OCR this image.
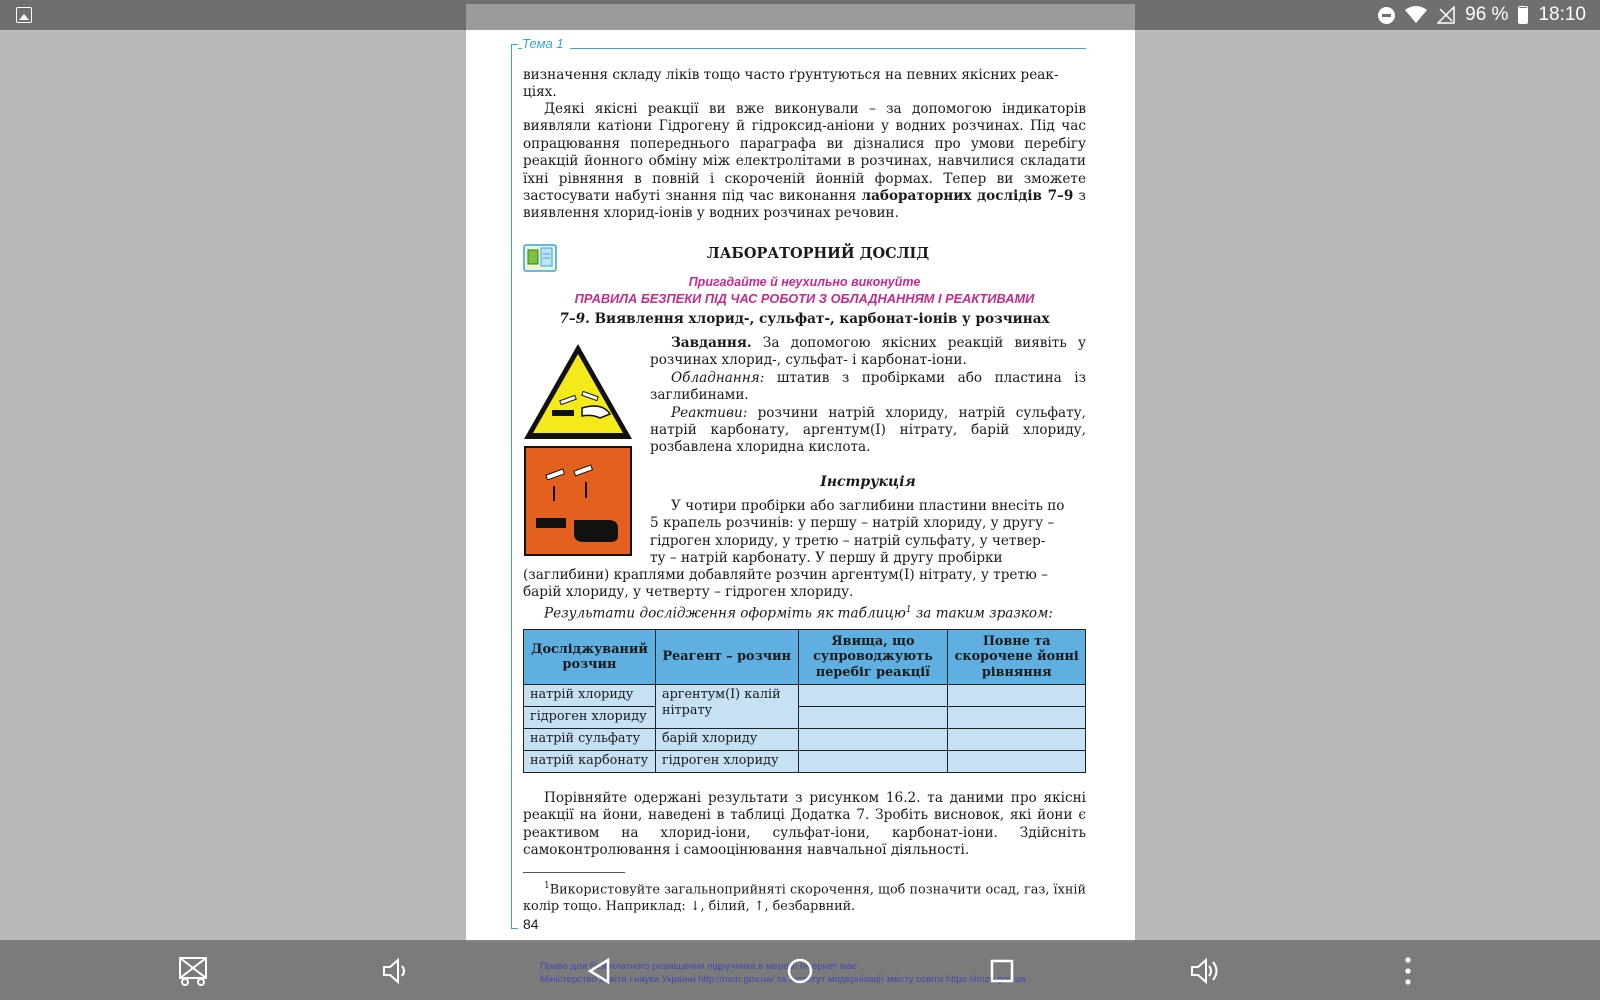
96 % 18:10
Тема 1

визначення складу ліків тощо часто ґрунтуються на певних якісних реак-

ціях.

Деякі якісні реакції ви вже виконували – за допомогою індикаторів виявляли катіони Гідрогену й гідроксид-аніони у водних розчинах. Під час опрацювання попереднього параграфа ви дізналися про умови перебігу реакцій йонного обміну між електролітами в розчинах, навчилися складати їхні рівняння в повній і скороченій йонній формах. Тепер ви зможете застосувати набуті знання під час виконання лабораторних дослідів 7–9 з виявлення хлорид-іонів у водних розчинах речовин.

ЛАБОРАТОРНИЙ ДОСЛІД
Пригадайте й неухильно виконуйте
ПРАВИЛА БЕЗПЕКИ ПІД ЧАС РОБОТИ З ОБЛАДНАННЯМ І РЕАКТИВАМИ
7–9. Виявлення хлорид-, сульфат-, карбонат-іонів у розчинах

Завдання. За допомогою якісних реакцій виявіть у розчинах хлорид-, сульфат- і карбонат-іони.

Обладнання: штатив з пробірками або пластина із заглибинами.

Реактиви: розчини натрій хлориду, натрій сульфату, натрій карбонату, аргентум(I) нітрату, барій хлориду, розбавлена хлоридна кислота.

Інструкція

У чотири пробірки або заглибини пластини внесіть по

5 крапель розчинів: у першу – натрій хлориду, у другу –

гідроген хлориду, у третю – натрій сульфату, у четвер-

ту – натрій карбонату. У першу й другу пробірки

(заглибини) краплями добавляйте розчин аргентум(I) нітрату, у третю –

барій хлориду, у четверту – гідроген хлориду.

Результати дослідження оформіть як таблицю$^1$ за таким зразком:

Досліджуваний розчин	Реагент – розчин	Явища, що супроводжують перебіг реакції	Повне та скорочене йонні рівняння
натрій хлориду	аргентум(I) калій нітрату		
гідроген хлориду			
натрій сульфату	барій хлориду		
натрій карбонату	гідроген хлориду		

Порівняйте одержані результати з рисунком 16.2. та даними про якісні реакції на йони, наведені в таблиці Додатка 7. Зробіть висновок, які йони є реактивом на хлорид-іони, сульфат-іони, карбонат-іони. Здійсніть самоконтролювання і самооцінювання навчальної діяльності.

$^1$Використовуйте загальноприйняті скорочення, щоб позначити осад, газ, їхній колір тощо. Наприклад: ↓, білий, ↑, безбарвний.

84
Право для безоплатного розміщення підручника в мережі Інтернет має
Міністерство освіти і науки України http://mon.gov.ua/ та Інститут модернізації змісту освіти https://imzo.gov.ua
